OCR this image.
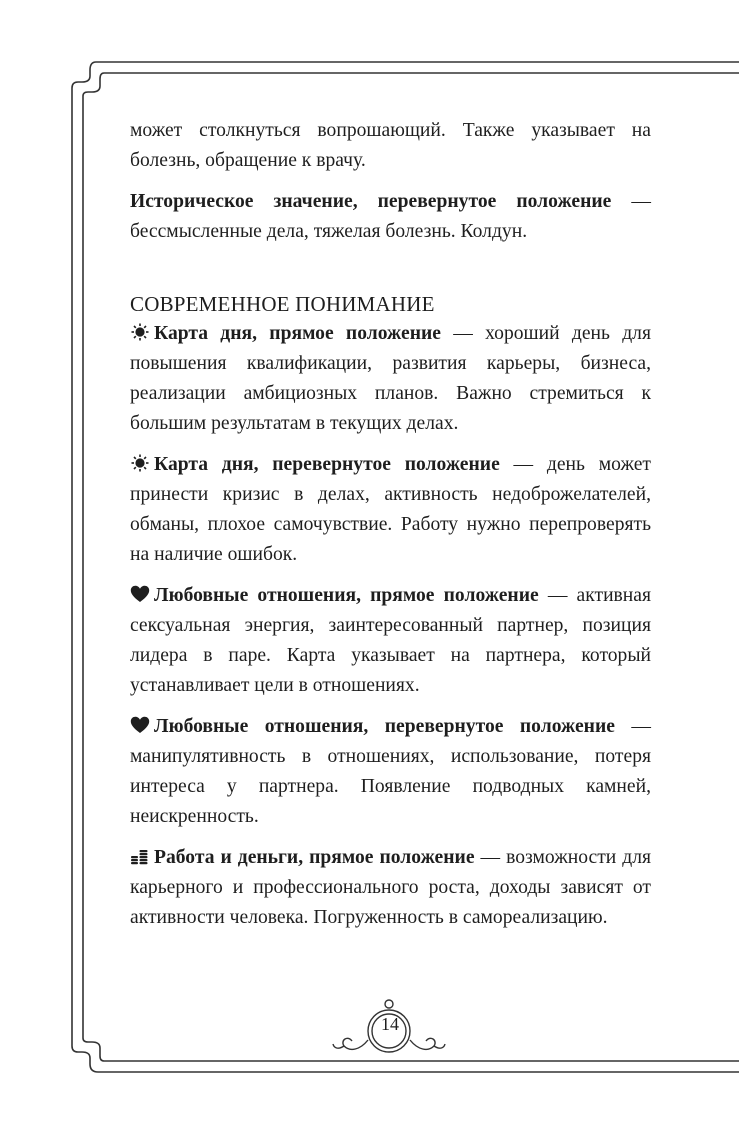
может столкнуться вопрошающий. Также указывает на болезнь, обращение к врачу.

Историческое значение, перевернутое положение — бессмысленные дела, тяжелая болезнь. Колдун.

СОВРЕМЕННОЕ ПОНИМАНИЕ

Карта дня, прямое положение — хороший день для повышения квалификации, развития карьеры, бизнеса, реализации амбициозных планов. Важно стремиться к большим результатам в текущих делах.

Карта дня, перевернутое положение — день может принести кризис в делах, активность недоброжелателей, обманы, плохое самочувствие. Работу нужно перепроверять на наличие ошибок.

Любовные отношения, прямое положение — активная сексуальная энергия, заинтересованный партнер, позиция лидера в паре. Карта указывает на партнера, который устанавливает цели в отношениях.

Любовные отношения, перевернутое положение — манипулятивность в отношениях, использование, потеря интереса у партнера. Появление подводных камней, неискренность.

Работа и деньги, прямое положение — возможности для карьерного и профессионального роста, доходы зависят от активности человека. Погруженность в самореализацию.

14
